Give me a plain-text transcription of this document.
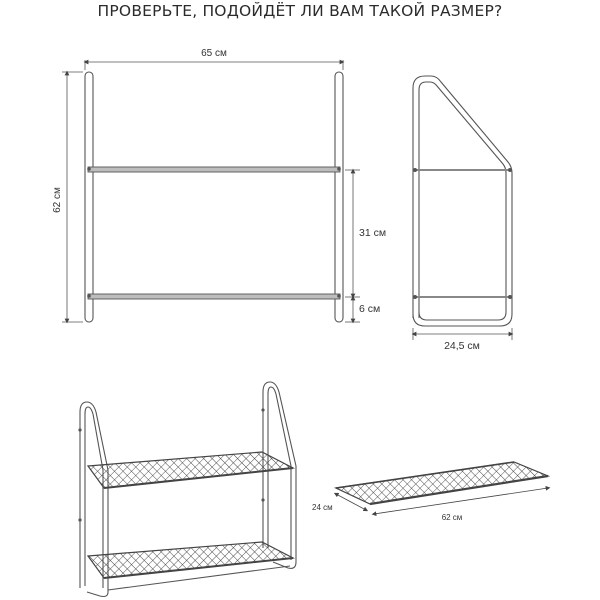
ПРОВЕРЬТЕ, ПОДОЙДЁТ ЛИ ВАМ ТАКОЙ РАЗМЕР?
65 см
62 см
31 см
6 см
24,5 см
24 см
62 см
